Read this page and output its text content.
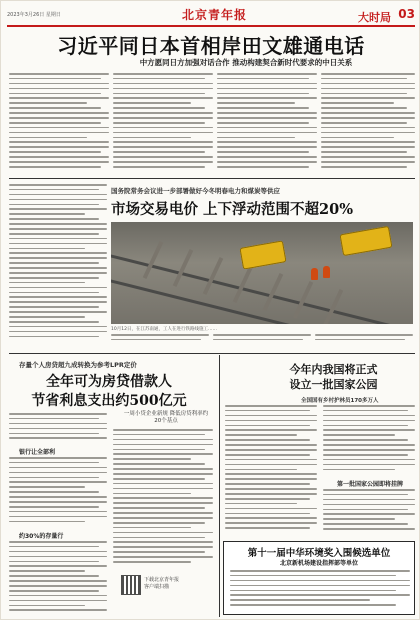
2023年3月26日 星期日	北京青年报	大时局 03
习近平同日本首相岸田文雄通电话
中方愿同日方加强对话合作 推动构建契合新时代要求的中日关系
国务院常务会议进一步部署做好今冬明春电力和煤炭等供应
市场交易电价 上下浮动范围不超20%
10月12日，在江苏南通，工人在进行铁路线施工……
存量个人房贷超九成转换为参考LPR定价
全年可为房贷借款人
节省利息支出约500亿元
一周小贷企业新规 降低房贷利率约20个基点
银行让全部利
约30%的存量行
下载北京青年报
客户端扫描
今年内我国将正式
设立一批国家公园
全国国有乡村护林员170多万人
第一批国家公园即将挂牌
第十一届中华环境奖入围候选单位
北京新机场建设指挥部等单位
